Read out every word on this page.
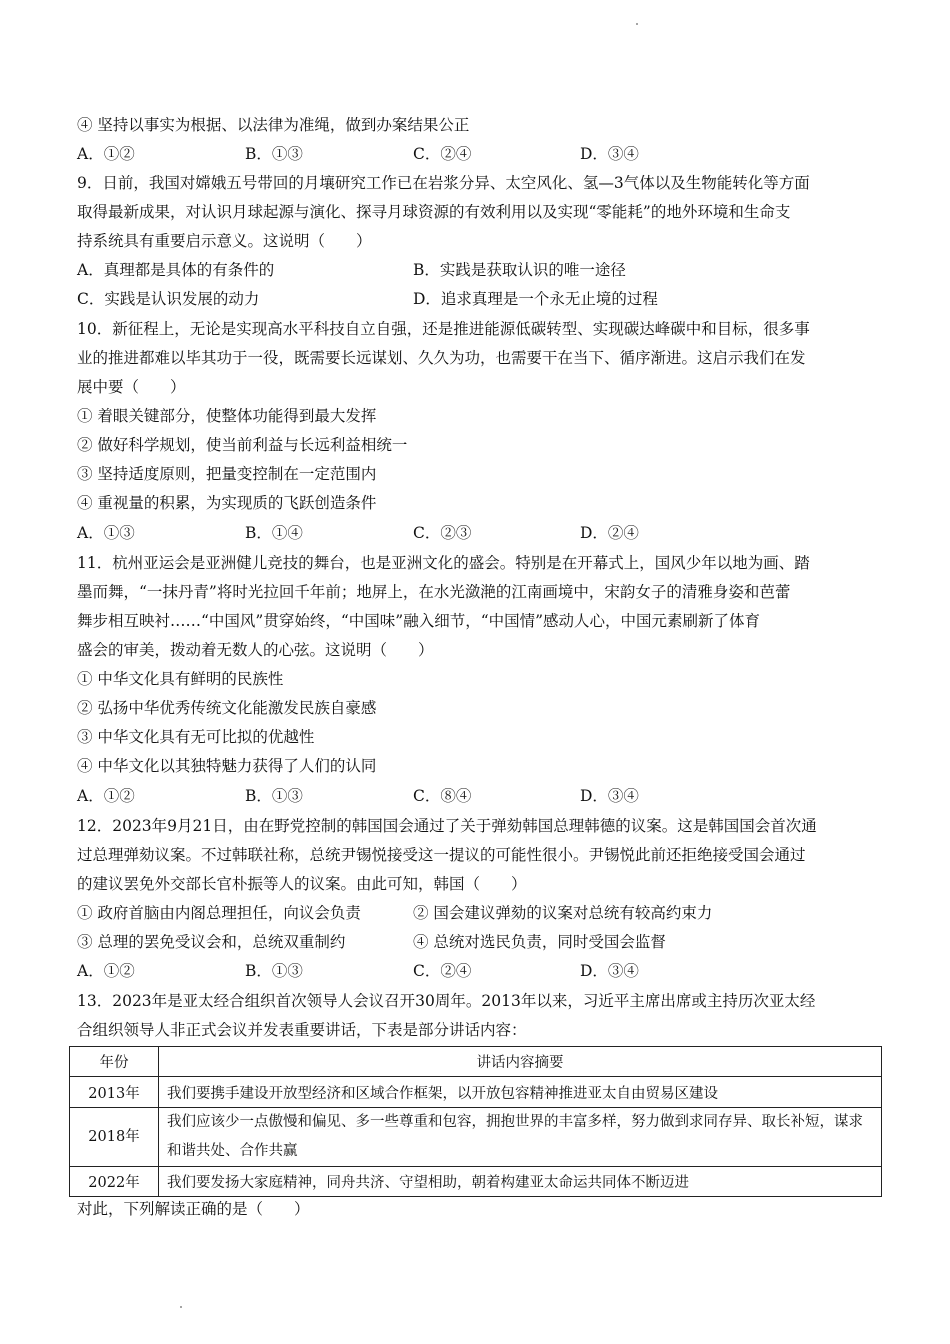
④ 坚持以事实为根据、以法律为准绳，做到办案结果公正
A．①②	B．①③	C．②④	D．③④
9．日前，我国对嫦娥五号带回的月壤研究工作已在岩浆分异、太空风化、氢—3气体以及生物能转化等方面
取得最新成果，对认识月球起源与演化、探寻月球资源的有效利用以及实现“零能耗”的地外环境和生命支
持系统具有重要启示意义。这说明（　　）
A．真理都是具体的有条件的	B．实践是获取认识的唯一途径
C．实践是认识发展的动力	D．追求真理是一个永无止境的过程
10．新征程上，无论是实现高水平科技自立自强，还是推进能源低碳转型、实现碳达峰碳中和目标，很多事
业的推进都难以毕其功于一役，既需要长远谋划、久久为功，也需要干在当下、循序渐进。这启示我们在发
展中要（　　）
① 着眼关键部分，使整体功能得到最大发挥
② 做好科学规划，使当前利益与长远利益相统一
③ 坚持适度原则，把量变控制在一定范围内
④ 重视量的积累，为实现质的飞跃创造条件
A．①③	B．①④	C．②③	D．②④
11．杭州亚运会是亚洲健儿竞技的舞台，也是亚洲文化的盛会。特别是在开幕式上，国风少年以地为画、踏
墨而舞，“一抹丹青”将时光拉回千年前；地屏上，在水光潋滟的江南画境中，宋韵女子的清雅身姿和芭蕾
舞步相互映衬……“中国风”贯穿始终，“中国味”融入细节，“中国情”感动人心，中国元素刷新了体育
盛会的审美，拨动着无数人的心弦。这说明（　　）
① 中华文化具有鲜明的民族性
② 弘扬中华优秀传统文化能激发民族自豪感
③ 中华文化具有无可比拟的优越性
④ 中华文化以其独特魅力获得了人们的认同
A．①②	B．①③	C．⑧④	D．③④
12．2023年9月21日，由在野党控制的韩国国会通过了关于弹劾韩国总理韩德的议案。这是韩国国会首次通
过总理弹劾议案。不过韩联社称，总统尹锡悦接受这一提议的可能性很小。尹锡悦此前还拒绝接受国会通过
的建议罢免外交部长官朴振等人的议案。由此可知，韩国（　　）
① 政府首脑由内阁总理担任，向议会负责	② 国会建议弹劾的议案对总统有较高约束力
③ 总理的罢免受议会和，总统双重制约	④ 总统对选民负责，同时受国会监督
A．①②	B．①③	C．②④	D．③④
13．2023年是亚太经合组织首次领导人会议召开30周年。2013年以来，习近平主席出席或主持历次亚太经
合组织领导人非正式会议并发表重要讲话，下表是部分讲话内容：
年份	讲话内容摘要
2013年	我们要携手建设开放型经济和区域合作框架，以开放包容精神推进亚太自由贸易区建设
2018年	我们应该少一点傲慢和偏见、多一些尊重和包容，拥抱世界的丰富多样，努力做到求同存异、取长补短，谋求和谐共处、合作共赢
2022年	我们要发扬大家庭精神，同舟共济、守望相助，朝着构建亚太命运共同体不断迈进
对此，下列解读正确的是（　　）
